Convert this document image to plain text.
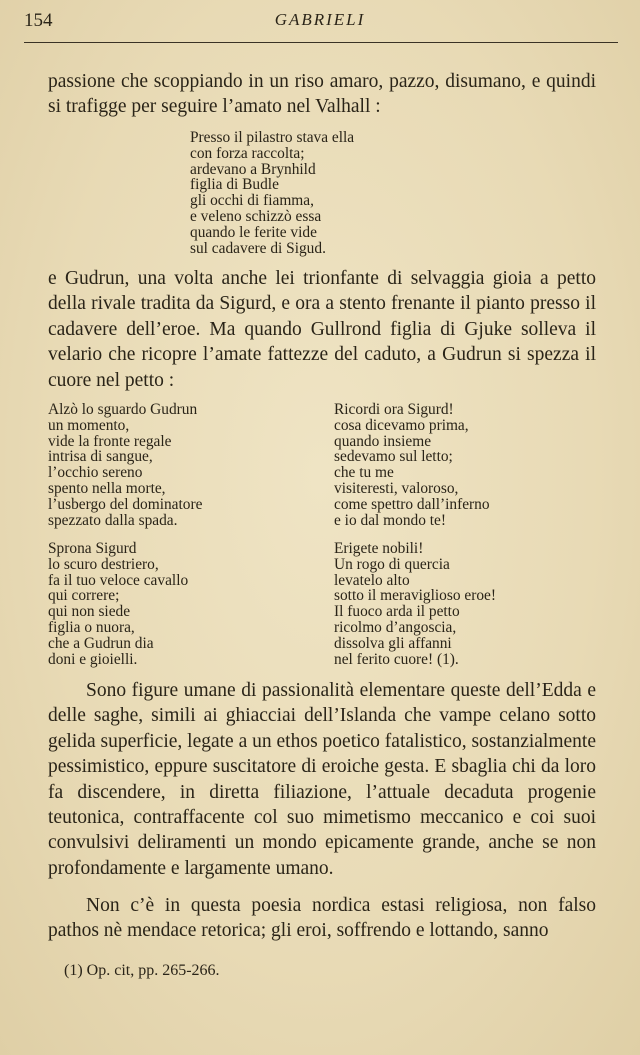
154	GABRIELI

passione che scoppiando in un riso amaro, pazzo, disumano, e quindi si trafigge per seguire l’amato nel Valhall :

Presso il pilastro stava ella
con forza raccolta;
ardevano a Brynhild
figlia di Budle
gli occhi di fiamma,
e veleno schizzò essa
quando le ferite vide
sul cadavere di Sigud.

e Gudrun, una volta anche lei trionfante di selvaggia gioia a petto della rivale tradita da Sigurd, e ora a stento frenante il pianto presso il cadavere dell’eroe. Ma quando Gullrond figlia di Gjuke solleva il velario che ricopre l’amate fattezze del caduto, a Gudrun si spezza il cuore nel petto :

Alzò lo sguardo Gudrun
un momento,
vide la fronte regale
intrisa di sangue,
l’occhio sereno
spento nella morte,
l’usbergo del dominatore
spezzato dalla spada.
Ricordi ora Sigurd!
cosa dicevamo prima,
quando insieme
sedevamo sul letto;
che tu me
visiteresti, valoroso,
come spettro dall’inferno
e io dal mondo te!
Sprona Sigurd
lo scuro destriero,
fa il tuo veloce cavallo
qui correre;
qui non siede
figlia o nuora,
che a Gudrun dia
doni e gioielli.
Erigete nobili!
Un rogo di quercia
levatelo alto
sotto il meraviglioso eroe!
Il fuoco arda il petto
ricolmo d’angoscia,
dissolva gli affanni
nel ferito cuore! (1).

Sono figure umane di passionalità elementare queste dell’Edda e delle saghe, simili ai ghiacciai dell’Islanda che vampe celano sotto gelida superficie, legate a un ethos poetico fatalistico, sostanzialmente pessimistico, eppure suscitatore di eroiche gesta. E sbaglia chi da loro fa discendere, in diretta filiazione, l’attuale decaduta progenie teutonica, contraffacente col suo mimetismo meccanico e coi suoi convulsivi deliramenti un mondo epicamente grande, anche se non profondamente e largamente umano.

Non c’è in questa poesia nordica estasi religiosa, non falso pathos nè mendace retorica; gli eroi, soffrendo e lottando, sanno

(1) Op. cit, pp. 265-266.
